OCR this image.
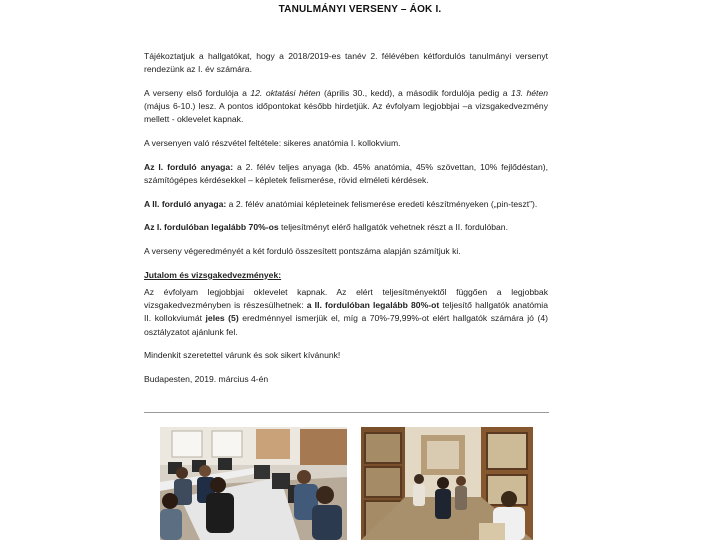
TANULMÁNYI VERSENY – ÁOK I.

Tájékoztatjuk a hallgatókat, hogy a 2018/2019-es tanév 2. félévében kétfordulós tanulmányi versenyt rendezünk az I. év számára.

A verseny első fordulója a 12. oktatási héten (április 30., kedd), a második fordulója pedig a 13. héten (május 6-10.) lesz. A pontos időpontokat később hirdetjük. Az évfolyam legjobbjai –a vizsgakedvezmény mellett - oklevelet kapnak.

A versenyen való részvétel feltétele: sikeres anatómia I. kollokvium.

Az I. forduló anyaga: a 2. félév teljes anyaga (kb. 45% anatómia, 45% szövettan, 10% fejlődéstan), számítógépes kérdésekkel – képletek felismerése, rövid elméleti kérdések.

A II. forduló anyaga: a 2. félév anatómiai képleteinek felismerése eredeti készítményeken („pin-teszt”).

Az I. fordulóban legalább 70%-os teljesítményt elérő hallgatók vehetnek részt a II. fordulóban.

A verseny végeredményét a két forduló összesített pontszáma alapján számítjuk ki.

Jutalom és vizsgakedvezmények:

Az évfolyam legjobbjai oklevelet kapnak. Az elért teljesítményektől függően a legjobbak vizsgakedvezményben is részesülhetnek: a II. fordulóban legalább 80%-ot teljesítő hallgatók anatómia II. kollokviumát jeles (5) eredménnyel ismerjük el, míg a 70%-79,99%-ot elért hallgatók számára jó (4) osztályzatot ajánlunk fel.

Mindenkit szeretettel várunk és sok sikert kívánunk!

Budapesten, 2019. március 4-én
